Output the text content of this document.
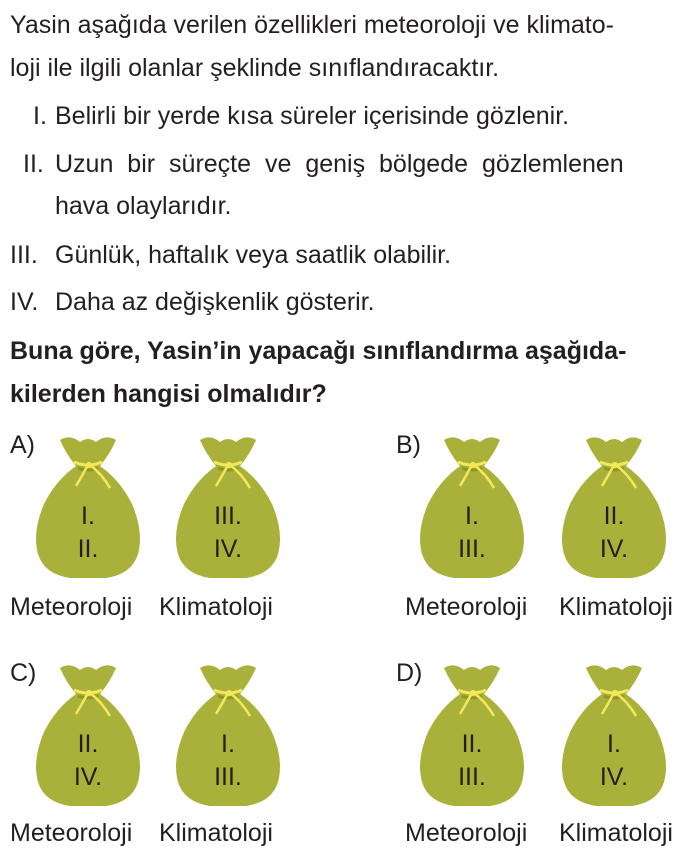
Yasin aşağıda verilen özellikleri meteoroloji ve klimato-
loji ile ilgili olanlar şeklinde sınıflandıracaktır.
I. Belirli bir yerde kısa süreler içerisinde gözlenir.
II. Uzun bir süreçte ve geniş bölgede gözlemlenen
hava olaylarıdır.
III. Günlük, haftalık veya saatlik olabilir.
IV. Daha az değişkenlik gösterir.
Buna göre, Yasin’in yapacağı sınıflandırma aşağıda-
kilerden hangisi olmalıdır?
A)
I.
II.
Meteoroloji
III.
IV.
Klimatoloji
B)
I.
III.
Meteoroloji
II.
IV.
Klimatoloji
C)
II.
IV.
Meteoroloji
I.
III.
Klimatoloji
D)
II.
III.
Meteoroloji
I.
IV.
Klimatoloji
